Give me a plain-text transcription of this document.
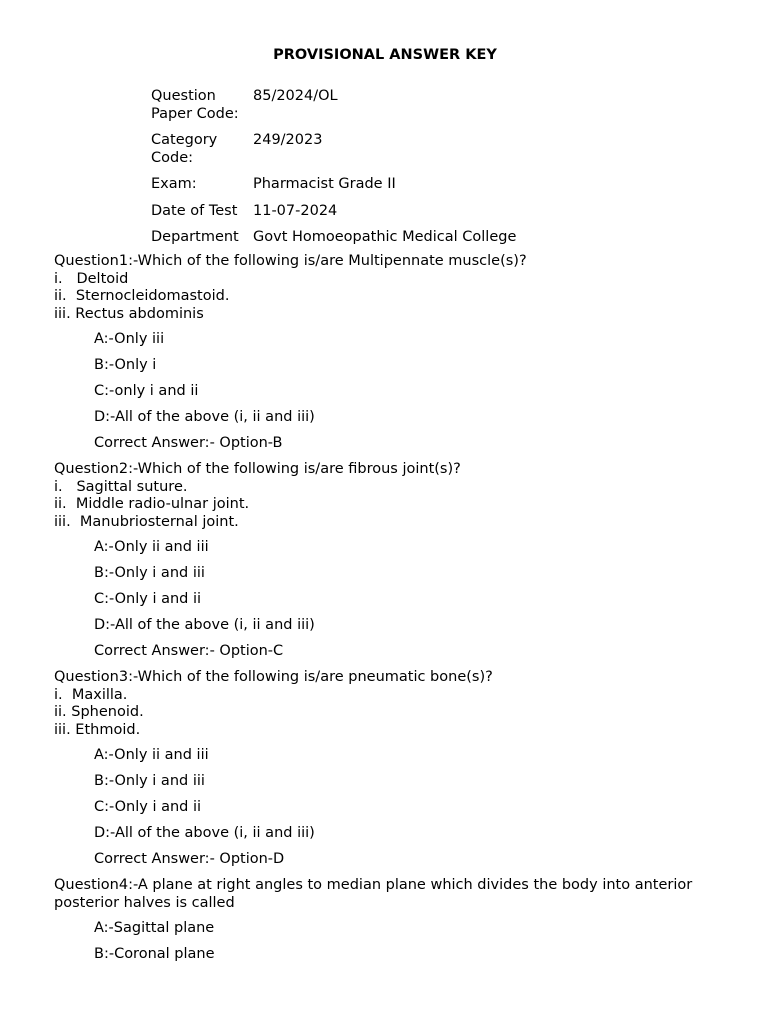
PROVISIONAL ANSWER KEY
Question Paper Code:	85/2024/OL
Category Code:	249/2023
Exam:	Pharmacist Grade II
Date of Test	11-07-2024
Department	Govt Homoeopathic Medical College
Question1:-Which of the following is/are Multipennate muscle(s)?
i.   Deltoid
ii.  Sternocleidomastoid.
iii. Rectus abdominis
A:-Only iii
B:-Only i
C:-only i and ii
D:-All of the above (i, ii and iii)
Correct Answer:- Option-B
Question2:-Which of the following is/are fibrous joint(s)?
i.   Sagittal suture.
ii.  Middle radio-ulnar joint.
iii.  Manubriosternal joint.
A:-Only ii and iii
B:-Only i and iii
C:-Only i and ii
D:-All of the above (i, ii and iii)
Correct Answer:- Option-C
Question3:-Which of the following is/are pneumatic bone(s)?
i.  Maxilla.
ii. Sphenoid.
iii. Ethmoid.
A:-Only ii and iii
B:-Only i and iii
C:-Only i and ii
D:-All of the above (i, ii and iii)
Correct Answer:- Option-D
Question4:-A plane at right angles to median plane which divides the body into anterior posterior halves is called
A:-Sagittal plane
B:-Coronal plane
